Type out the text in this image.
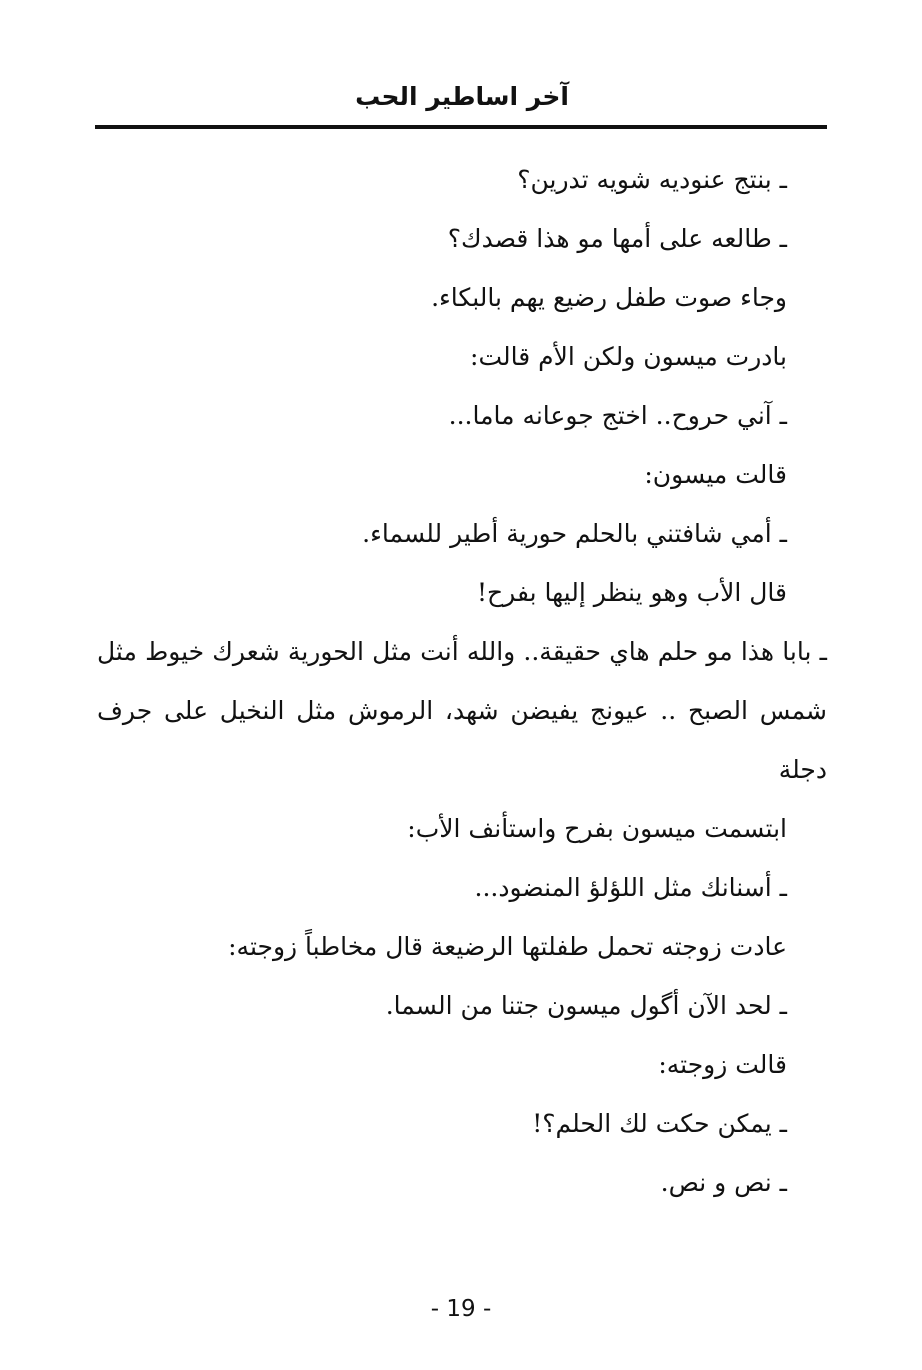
آخر اساطير الحب
ـ بنتج عنوديه شويه تدرين؟
ـ طالعه على أمها مو هذا قصدك؟
وجاء صوت طفل رضيع يهم بالبكاء.
بادرت ميسون ولكن الأم قالت:
ـ آني حروح.. اختج جوعانه ماما...
قالت ميسون:
ـ أمي شافتني بالحلم حورية أطير للسماء.
قال الأب وهو ينظر إليها بفرح!
ـ بابا هذا مو حلم هاي حقيقة.. والله أنت مثل الحورية شعرك خيوط مثل شمس الصبح .. عيونج يفيضن شهد، الرموش مثل النخيل على جرف دجلة
ابتسمت ميسون بفرح واستأنف الأب:
ـ أسنانك مثل اللؤلؤ المنضود...
عادت زوجته تحمل طفلتها الرضيعة قال مخاطباً زوجته:
ـ لحد الآن أگول ميسون جتنا من السما.
قالت زوجته:
ـ يمكن حكت لك الحلم؟!
ـ نص و نص.
- 19 -
